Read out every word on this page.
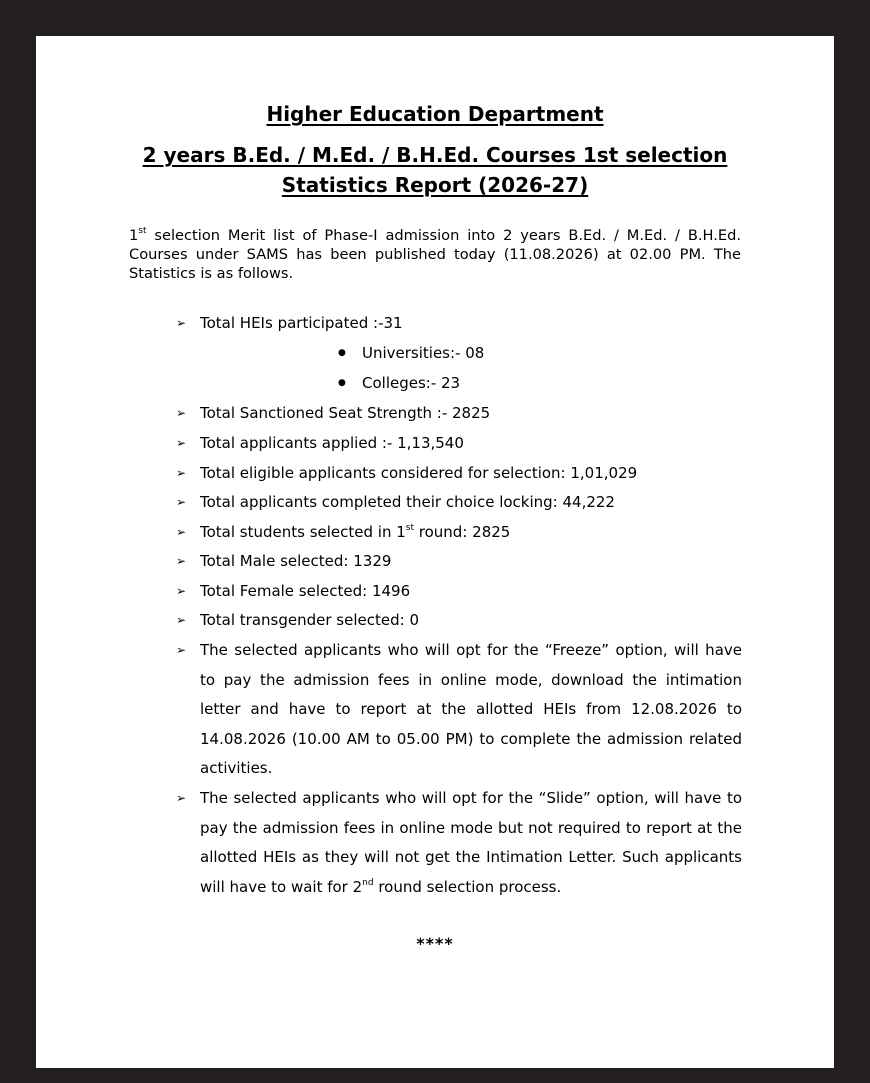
Higher Education Department
2 years B.Ed. / M.Ed. / B.H.Ed. Courses 1st selection
Statistics Report (2026-27)
1st selection Merit list of Phase-I admission into 2 years B.Ed. / M.Ed. / B.H.Ed. Courses under SAMS has been published today (11.08.2026) at 02.00 PM. The Statistics is as follows.
➢ Total HEIs participated :-31
● Universities:- 08
● Colleges:- 23
➢ Total Sanctioned Seat Strength :- 2825
➢ Total applicants applied :- 1,13,540
➢ Total eligible applicants considered for selection: 1,01,029
➢ Total applicants completed their choice locking: 44,222
➢ Total students selected in 1st round: 2825
➢ Total Male selected: 1329
➢ Total Female selected: 1496
➢ Total transgender selected: 0
➢ The selected applicants who will opt for the “Freeze” option, will have to pay the admission fees in online mode, download the intimation letter and have to report at the allotted HEIs from 12.08.2026 to 14.08.2026 (10.00 AM to 05.00 PM) to complete the admission related activities.
➢ The selected applicants who will opt for the “Slide” option, will have to pay the admission fees in online mode but not required to report at the allotted HEIs as they will not get the Intimation Letter. Such applicants will have to wait for 2nd round selection process.
****
